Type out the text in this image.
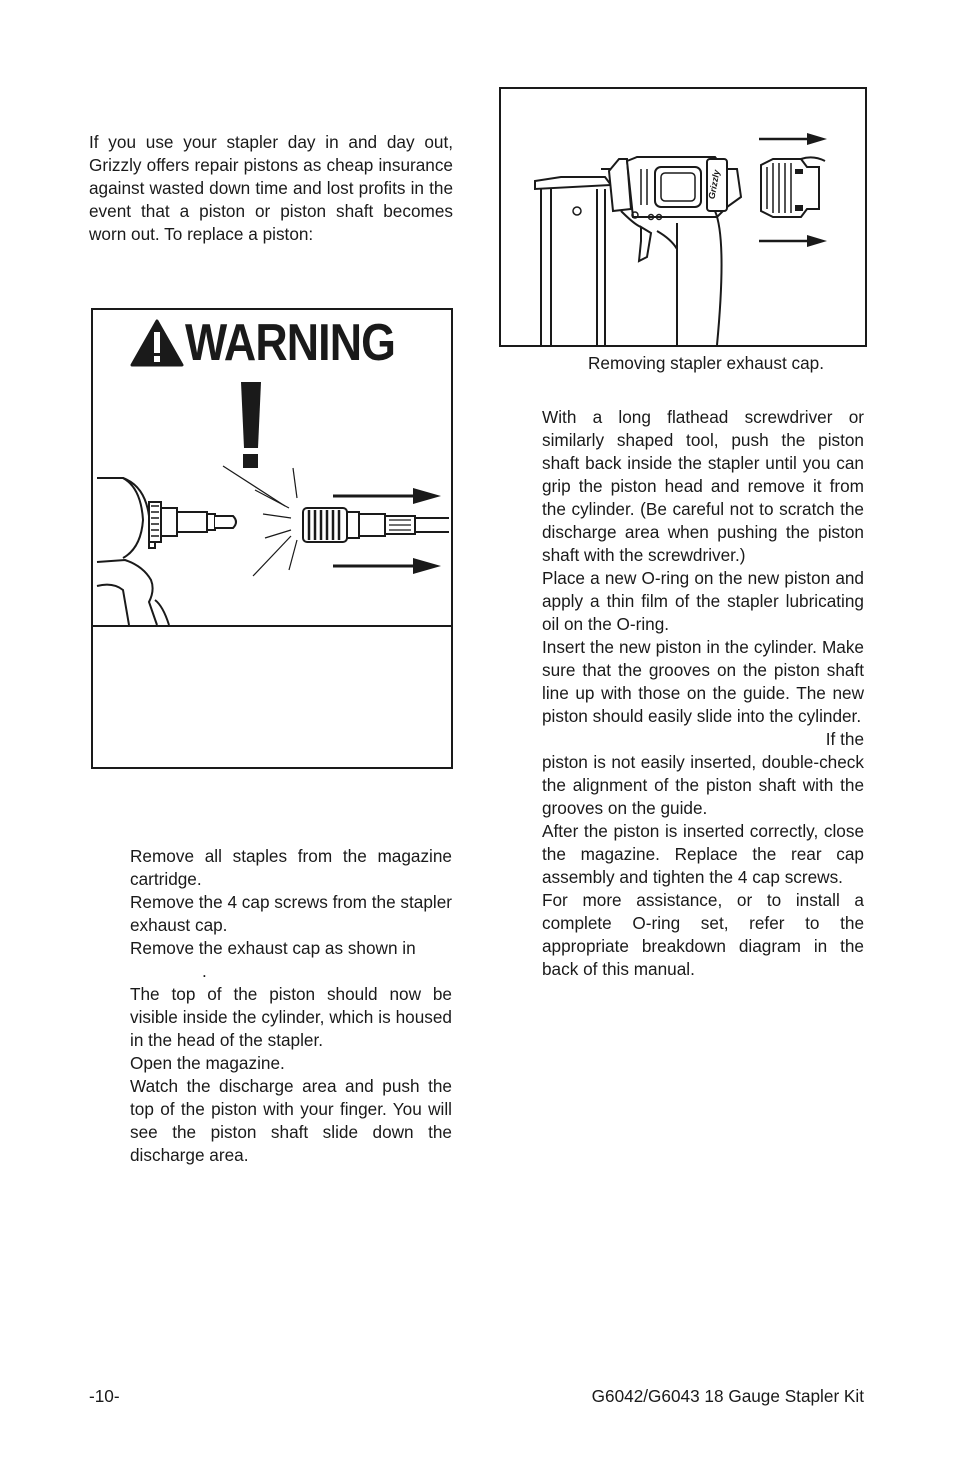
If you use your stapler day in and day out, Grizzly offers repair pistons as cheap insurance against wasted down time and lost profits in the event that a piston or piston shaft becomes worn out. To replace a piston:

WARNING

Remove all staples from the magazine cartridge.

Remove the 4 cap screws from the stapler exhaust cap.

Remove the exhaust cap as shown in

.

The top of the piston should now be visible inside the cylinder, which is housed in the head of the stapler.

Open the magazine.

Watch the discharge area and push the top of the piston with your finger. You will see the piston shaft slide down the discharge area.

Grizzly
Removing stapler exhaust cap.

With a long flathead screwdriver or similarly shaped tool, push the piston shaft back inside the stapler until you can grip the piston head and remove it from the cylinder. (Be careful not to scratch the discharge area when pushing the piston shaft with the screwdriver.)

Place a new O-ring on the new piston and apply a thin film of the stapler lubricating oil on the O-ring.

Insert the new piston in the cylinder. Make sure that the grooves on the piston shaft line up with those on the guide. The new piston should easily slide into the cylinder.

If the

piston is not easily inserted, double-check the alignment of the piston shaft with the grooves on the guide.

After the piston is inserted correctly, close the magazine. Replace the rear cap assembly and tighten the 4 cap screws.

For more assistance, or to install a complete O-ring set, refer to the appropriate breakdown diagram in the back of this manual.

-10-	G6042/G6043 18 Gauge Stapler Kit
